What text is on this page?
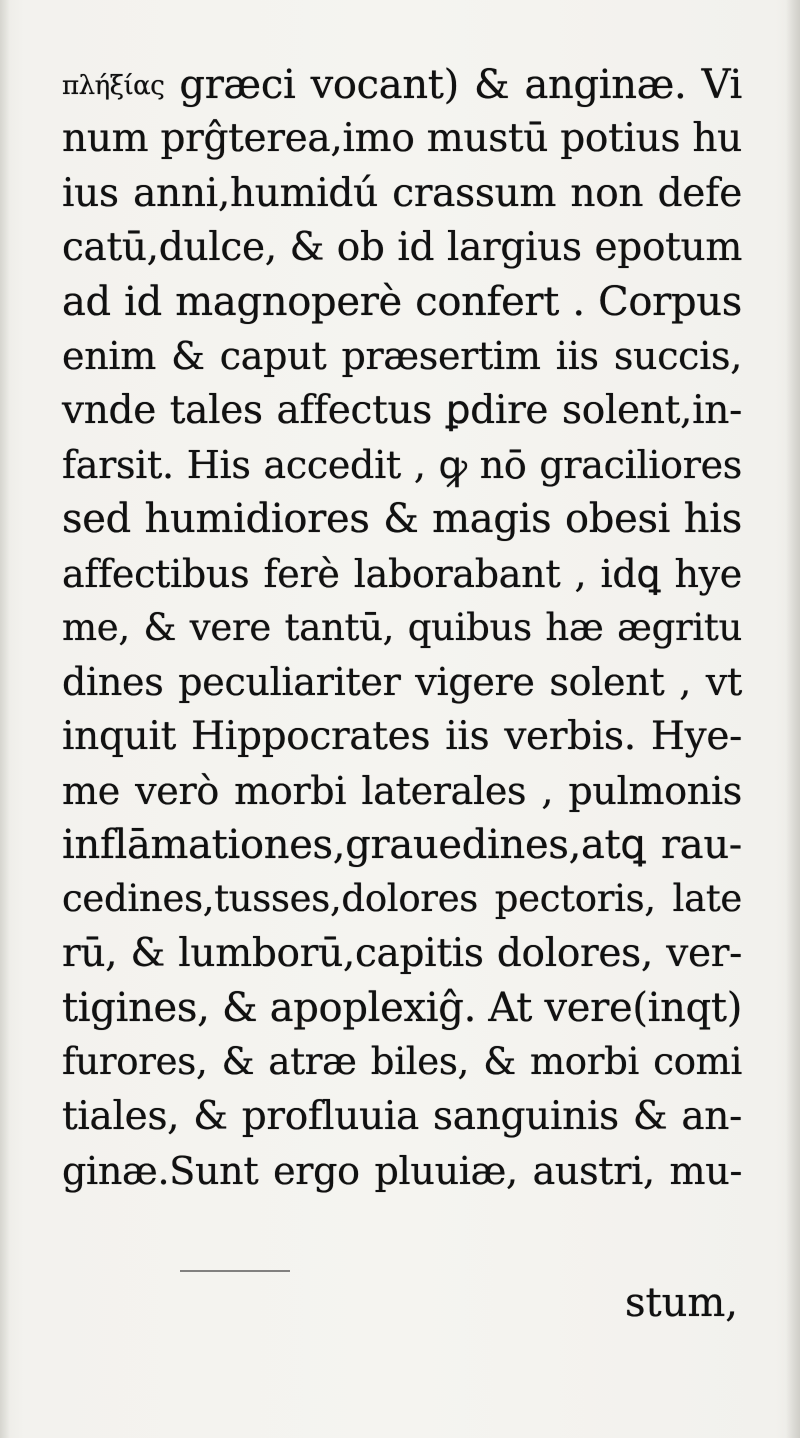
πλήξίας græci vocant) & anginæ. Vi
num prĝterea,imo mustū potius hu
ius anni,humidú crassum non defe
catū,dulce, & ob id largius epotum
ad id magnoperè confert . Corpus
enim & caput præsertim iis succis,
vnde tales affectus ꝑdire solent,in-
farsit. His accedit , ꝙ nō graciliores
sed humidiores & magis obesi his
affectibus ferè laborabant , idꝗ hye
me, & vere tantū, quibus hæ ægritu
dines peculiariter vigere solent , vt
inquit Hippocrates iis verbis. Hye-
me verò morbi laterales , pulmonis
inflāmationes,grauedines,atꝗ rau-
cedines,tusses,dolores pectoris, late
rū, & lumborū,capitis dolores, ver-
tigines, & apoplexiĝ. At vere(inqt)
furores, & atræ biles, & morbi comi
tiales, & profluuia sanguinis & an-
ginæ.Sunt ergo pluuiæ, austri, mu-
stum,
